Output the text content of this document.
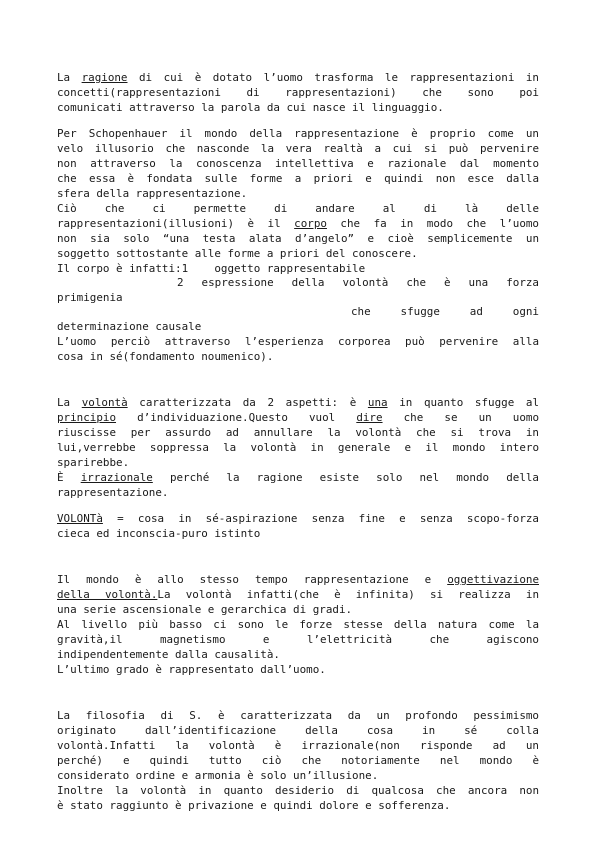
La ragione di cui è dotato l’uomo trasforma le rappresentazioni in
concetti(rappresentazioni di rappresentazioni) che sono poi
comunicati attraverso la parola da cui nasce il linguaggio.
Per Schopenhauer il mondo della rappresentazione è proprio come un
velo illusorio che nasconde la vera realtà a cui si può pervenire
non attraverso la conoscenza intellettiva e razionale dal momento
che essa è fondata sulle forme a priori e quindi non esce dalla
sfera della rappresentazione.
Ciò che ci permette di andare al di là delle
rappresentazioni(illusioni) è il corpo che fa in modo che l’uomo
non sia solo “una testa alata d’angelo” e cioè semplicemente un
soggetto sottostante alle forme a priori del conoscere.
Il corpo è infatti:1    oggetto rappresentabile
2 espressione della volontà che è una forza
primigenia
che sfugge ad ogni
determinazione causale
L’uomo perciò attraverso l’esperienza corporea può pervenire alla
cosa in sé(fondamento noumenico).
La volontà caratterizzata da 2 aspetti: è una in quanto sfugge al
principio d’individuazione.Questo vuol dire che se un uomo
riuscisse per assurdo ad annullare la volontà che si trova in
lui,verrebbe soppressa la volontà in generale e il mondo intero
sparirebbe.
È irrazionale perché la ragione esiste solo nel mondo della
rappresentazione.
VOLONTà = cosa in sé-aspirazione senza fine e senza scopo-forza
cieca ed inconscia-puro istinto
Il mondo è allo stesso tempo rappresentazione e oggettivazione
della volontà.La volontà infatti(che è infinita) si realizza in
una serie ascensionale e gerarchica di gradi.
Al livello più basso ci sono le forze stesse della natura come la
gravità,il magnetismo e l’elettricità che agiscono
indipendentemente dalla causalità.
L’ultimo grado è rappresentato dall’uomo.
La filosofia di S. è caratterizzata da un profondo pessimismo
originato dall’identificazione della cosa in sé colla
volontà.Infatti la volontà è irrazionale(non risponde ad un
perché) e quindi tutto ciò che notoriamente nel mondo è
considerato ordine e armonia è solo un’illusione.
Inoltre la volontà in quanto desiderio di qualcosa che ancora non
è stato raggiunto è privazione e quindi dolore e sofferenza.
